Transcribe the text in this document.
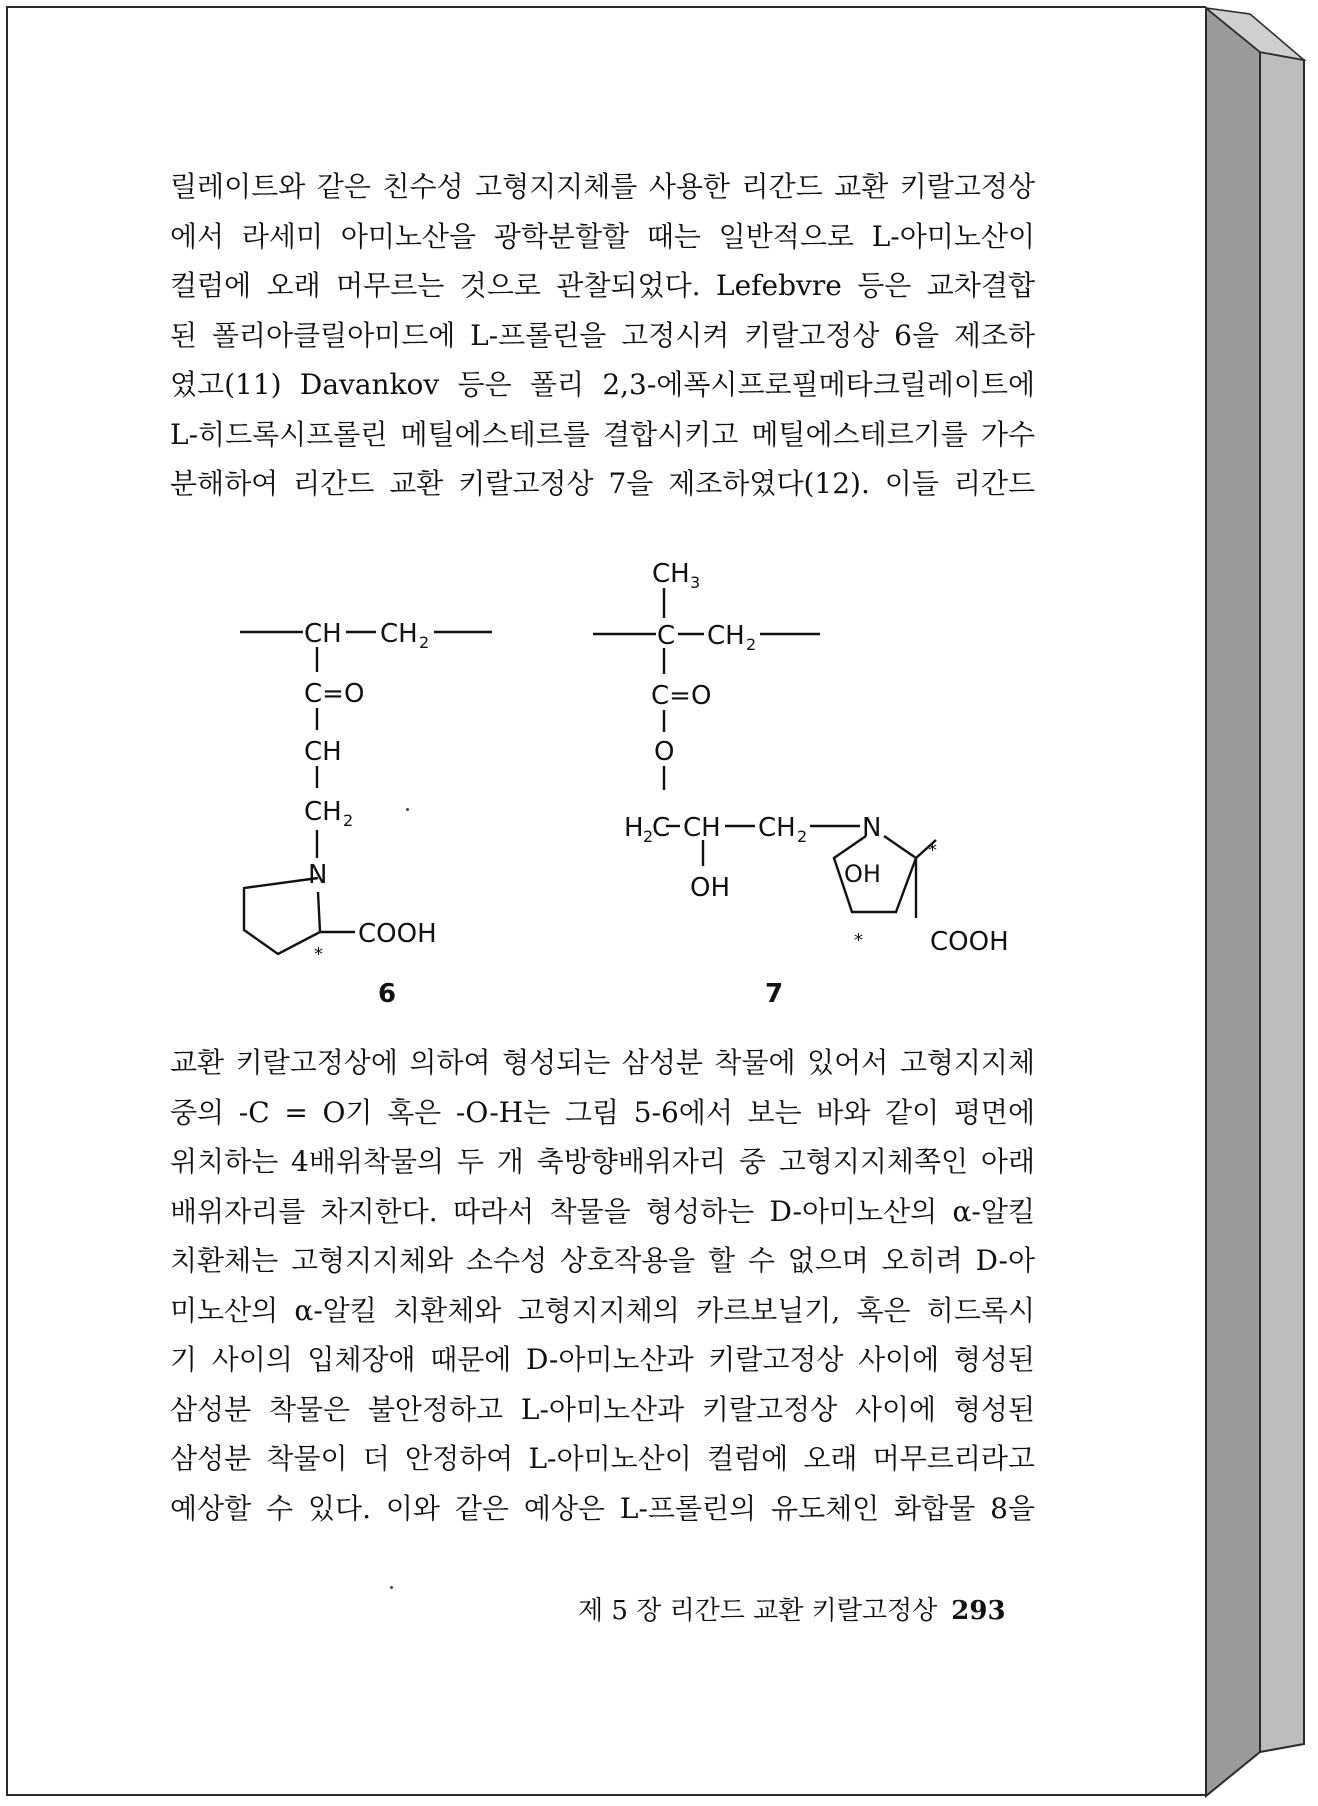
릴레이트와 같은 친수성 고형지지체를 사용한 리간드 교환 키랄고정상
에서 라세미 아미노산을 광학분할할 때는 일반적으로 L-아미노산이
컬럼에 오래 머무르는 것으로 관찰되었다. Lefebvre 등은 교차결합
된 폴리아클릴아미드에 L-프롤린을 고정시켜 키랄고정상 6을 제조하
였고(11) Davankov 등은 폴리 2,3-에폭시프로필메타크릴레이트에
L-히드록시프롤린 메틸에스테르를 결합시키고 메틸에스테르기를 가수
분해하여 리간드 교환 키랄고정상 7을 제조하였다(12). 이들 리간드
CH CH 2
C=O
CH
CH 2
N
COOH
*
6
CH 3
C CH 2
C=O
O
H 2
C CH CH 2 N
OH
OH
*
*	COOH
7
교환 키랄고정상에 의하여 형성되는 삼성분 착물에 있어서 고형지지체
중의 -C = O기 혹은 -O-H는 그림 5-6에서 보는 바와 같이 평면에
위치하는 4배위착물의 두 개 축방향배위자리 중 고형지지체쪽인 아래
배위자리를 차지한다. 따라서 착물을 형성하는 D-아미노산의 α-알킬
치환체는 고형지지체와 소수성 상호작용을 할 수 없으며 오히려 D-아
미노산의 α-알킬 치환체와 고형지지체의 카르보닐기, 혹은 히드록시
기 사이의 입체장애 때문에 D-아미노산과 키랄고정상 사이에 형성된
삼성분 착물은 불안정하고 L-아미노산과 키랄고정상 사이에 형성된
삼성분 착물이 더 안정하여 L-아미노산이 컬럼에 오래 머무르리라고
예상할 수 있다. 이와 같은 예상은 L-프롤린의 유도체인 화합물 8을
제 5 장 리간드 교환 키랄고정상 293
